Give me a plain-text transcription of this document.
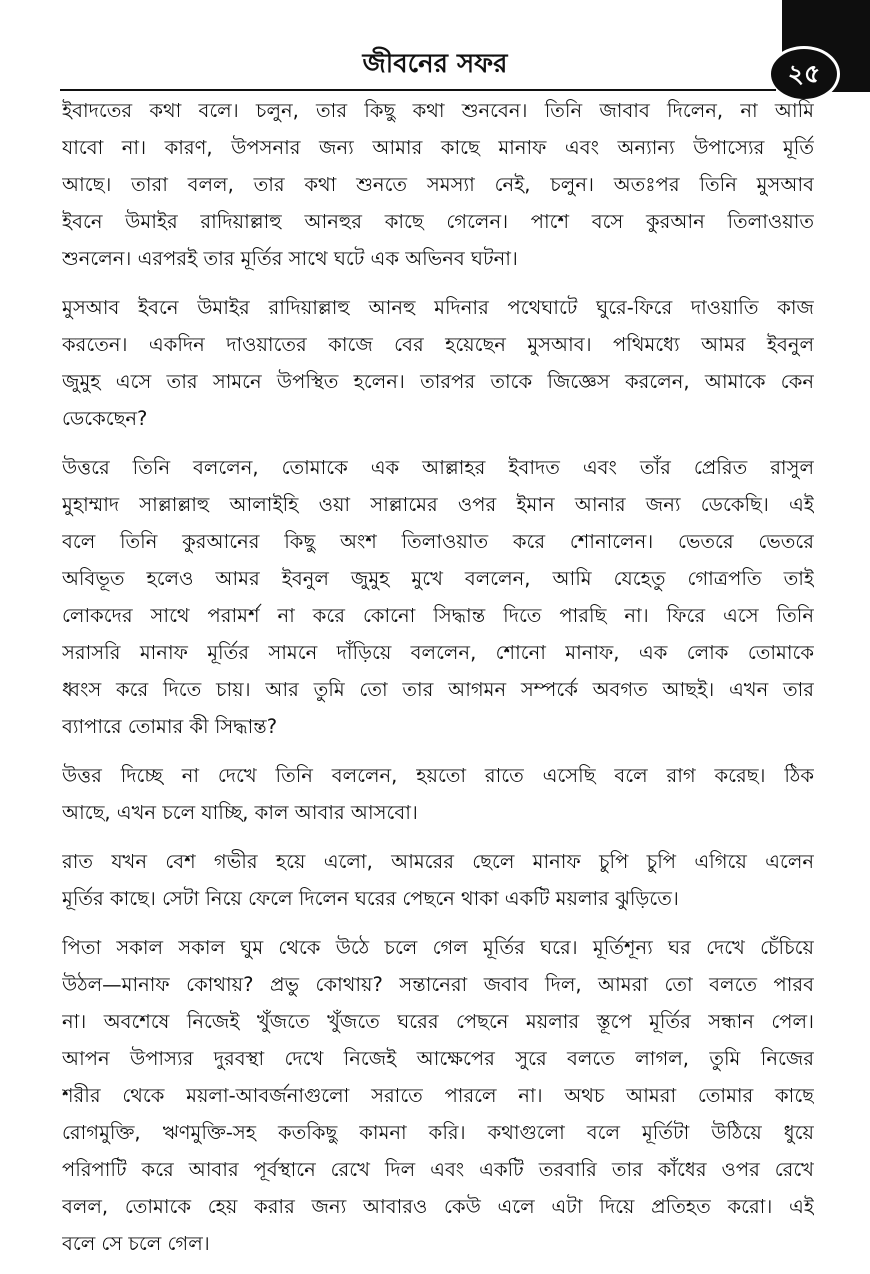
২৫
জীবনের সফর
ইবাদতের কথা বলে। চলুন, তার কিছু কথা শুনবেন। তিনি জাবাব দিলেন, না আমি
যাবো না। কারণ, উপসনার জন্য আমার কাছে মানাফ এবং অন্যান্য উপাস্যের মূর্তি
আছে। তারা বলল, তার কথা শুনতে সমস্যা নেই, চলুন। অতঃপর তিনি মুসআব
ইবনে উমাইর রাদিয়াল্লাহু আনহুর কাছে গেলেন। পাশে বসে কুরআন তিলাওয়াত
শুনলেন। এরপরই তার মূর্তির সাথে ঘটে এক অভিনব ঘটনা।
মুসআব ইবনে উমাইর রাদিয়াল্লাহু আনহু মদিনার পথেঘাটে ঘুরে-ফিরে দাওয়াতি কাজ
করতেন। একদিন দাওয়াতের কাজে বের হয়েছেন মুসআব। পথিমধ্যে আমর ইবনুল
জুমুহ এসে তার সামনে উপস্থিত হলেন। তারপর তাকে জিজ্ঞেস করলেন, আমাকে কেন
ডেকেছেন?
উত্তরে তিনি বললেন, তোমাকে এক আল্লাহর ইবাদত এবং তাঁর প্রেরিত রাসুল
মুহাম্মাদ সাল্লাল্লাহু আলাইহি ওয়া সাল্লামের ওপর ইমান আনার জন্য ডেকেছি। এই
বলে তিনি কুরআনের কিছু অংশ তিলাওয়াত করে শোনালেন। ভেতরে ভেতরে
অবিভূত হলেও আমর ইবনুল জুমুহ মুখে বললেন, আমি যেহেতু গোত্রপতি তাই
লোকদের সাথে পরামর্শ না করে কোনো সিদ্ধান্ত দিতে পারছি না। ফিরে এসে তিনি
সরাসরি মানাফ মূর্তির সামনে দাঁড়িয়ে বললেন, শোনো মানাফ, এক লোক তোমাকে
ধ্বংস করে দিতে চায়। আর তুমি তো তার আগমন সম্পর্কে অবগত আছই। এখন তার
ব্যাপারে তোমার কী সিদ্ধান্ত?
উত্তর দিচ্ছে না দেখে তিনি বললেন, হয়তো রাতে এসেছি বলে রাগ করেছ। ঠিক
আছে, এখন চলে যাচ্ছি, কাল আবার আসবো।
রাত যখন বেশ গভীর হয়ে এলো, আমরের ছেলে মানাফ চুপি চুপি এগিয়ে এলেন
মূর্তির কাছে। সেটা নিয়ে ফেলে দিলেন ঘরের পেছনে থাকা একটি ময়লার ঝুড়িতে।
পিতা সকাল সকাল ঘুম থেকে উঠে চলে গেল মূর্তির ঘরে। মূর্তিশূন্য ঘর দেখে চেঁচিয়ে
উঠল—মানাফ কোথায়? প্রভু কোথায়? সন্তানেরা জবাব দিল, আমরা তো বলতে পারব
না। অবশেষে নিজেই খুঁজতে খুঁজতে ঘরের পেছনে ময়লার স্তূপে মূর্তির সন্ধান পেল।
আপন উপাস্যর দুরবস্থা দেখে নিজেই আক্ষেপের সুরে বলতে লাগল, তুমি নিজের
শরীর থেকে ময়লা-আবর্জনাগুলো সরাতে পারলে না। অথচ আমরা তোমার কাছে
রোগমুক্তি, ঋণমুক্তি-সহ কতকিছু কামনা করি। কথাগুলো বলে মূর্তিটা উঠিয়ে ধুয়ে
পরিপাটি করে আবার পূর্বস্থানে রেখে দিল এবং একটি তরবারি তার কাঁধের ওপর রেখে
বলল, তোমাকে হেয় করার জন্য আবারও কেউ এলে এটা দিয়ে প্রতিহত করো। এই
বলে সে চলে গেল।
